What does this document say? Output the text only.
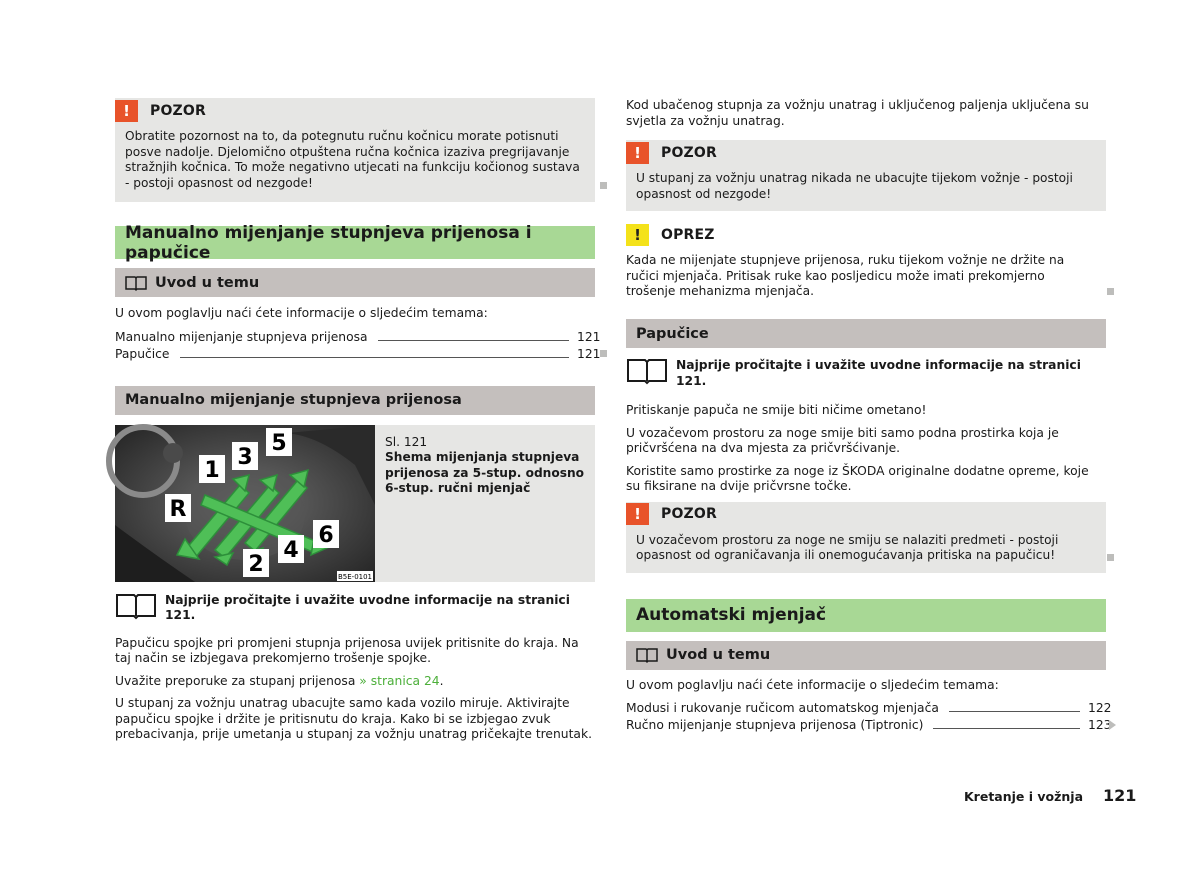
!	POZOR
Obratite pozornost na to, da potegnutu ručnu kočnicu morate potisnuti posve nadolje. Djelomično otpuštena ručna kočnica izaziva pregrijavanje stražnjih kočnica. To može negativno utjecati na funkciju kočionog sustava - postoji opasnost od nezgode!
Manualno mijenjanje stupnjeva prijenosa i papučice
Uvod u temu
U ovom poglavlju naći ćete informacije o sljedećim temama:
Manualno mijenjanje stupnjeva prijenosa	121
Papučice	121
Manualno mijenjanje stupnjeva prijenosa
1
2
3
4
5
6
R
B5E-0101
Sl. 121
Shema mijenjanja stupnjeva prijenosa za 5-stup. odnosno 6-stup. ručni mjenjač
Najprije pročitajte i uvažite uvodne informacije na stranici 121.
Papučicu spojke pri promjeni stupnja prijenosa uvijek pritisnite do kraja. Na taj način se izbjegava prekomjerno trošenje spojke.
Uvažite preporuke za stupanj prijenosa » stranica 24.
U stupanj za vožnju unatrag ubacujte samo kada vozilo miruje. Aktivirajte papučicu spojke i držite je pritisnutu do kraja. Kako bi se izbjegao zvuk prebacivanja, prije umetanja u stupanj za vožnju unatrag pričekajte trenutak.
Kod ubačenog stupnja za vožnju unatrag i uključenog paljenja uključena su svjetla za vožnju unatrag.
!	POZOR
U stupanj za vožnju unatrag nikada ne ubacujte tijekom vožnje - postoji opasnost od nezgode!
!	OPREZ
Kada ne mijenjate stupnjeve prijenosa, ruku tijekom vožnje ne držite na ručici mjenjača. Pritisak ruke kao posljedicu može imati prekomjerno trošenje mehanizma mjenjača.
Papučice
Najprije pročitajte i uvažite uvodne informacije na stranici 121.
Pritiskanje papuča ne smije biti ničime ometano!
U vozačevom prostoru za noge smije biti samo podna prostirka koja je pričvršćena na dva mjesta za pričvršćivanje.
Koristite samo prostirke za noge iz ŠKODA originalne dodatne opreme, koje su fiksirane na dvije pričvrsne točke.
!	POZOR
U vozačevom prostoru za noge ne smiju se nalaziti predmeti - postoji opasnost od ograničavanja ili onemogućavanja pritiska na papučicu!
Automatski mjenjač
Uvod u temu
U ovom poglavlju naći ćete informacije o sljedećim temama:
Modusi i rukovanje ručicom automatskog mjenjača	122
Ručno mijenjanje stupnjeva prijenosa (Tiptronic)	123
Kretanje i vožnja 121
